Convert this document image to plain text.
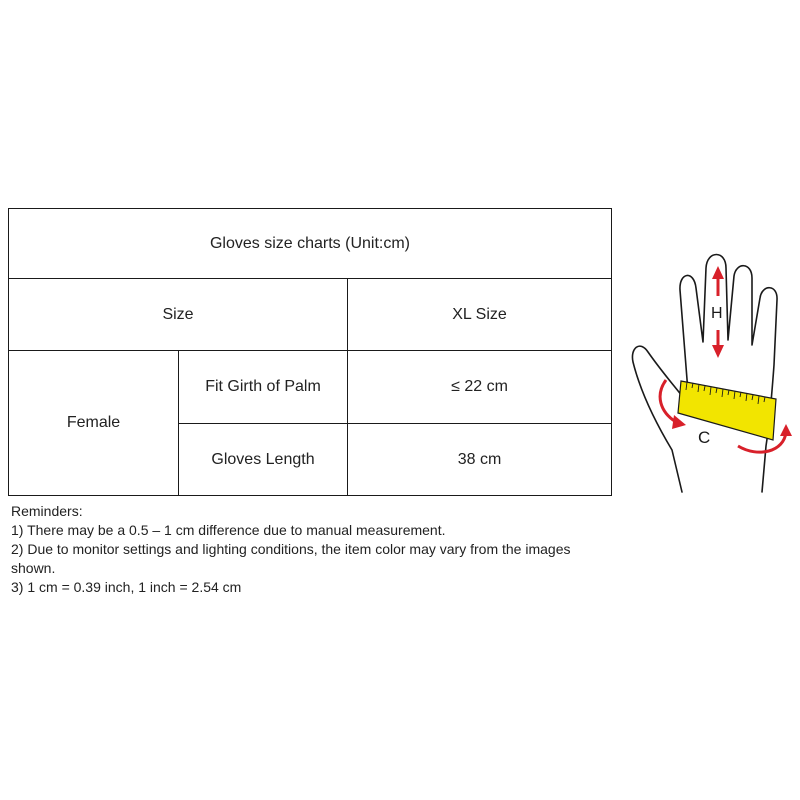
Gloves size charts (Unit:cm)		
Size		XL Size
Female	Fit Girth of Palm	≤ 22 cm
	Gloves Length	38 cm
Reminders:
1) There may be a 0.5 – 1 cm difference due to manual measurement.
2) Due to monitor settings and lighting conditions, the item color may vary from the images shown.
3) 1 cm = 0.39 inch, 1 inch = 2.54 cm
H
C
